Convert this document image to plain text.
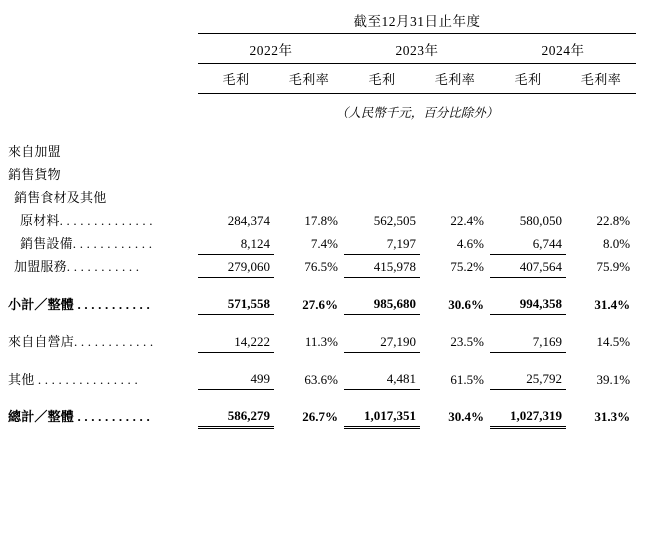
	截至12月31日止年度					

	2022年		2023年		2024年	

	毛利	毛利率	毛利	毛利率	毛利	毛利率

	（人民幣千元，百分比除外）					

來自加盟						
銷售貨物						
銷售食材及其他						
原材料. . . . . . . . . . . . . .	284,374	17.8%	562,505	22.4%	580,050	22.8%
銷售設備. . . . . . . . . . . .	8,124	7.4%	7,197	4.6%	6,744	8.0%
加盟服務. . . . . . . . . . .	279,060	76.5%	415,978	75.2%	407,564	75.9%

小計／整體 . . . . . . . . . . .	571,558	27.6%	985,680	30.6%	994,358	31.4%

來自自營店. . . . . . . . . . . .	14,222	11.3%	27,190	23.5%	7,169	14.5%

其他 . . . . . . . . . . . . . . .	499	63.6%	4,481	61.5%	25,792	39.1%

總計／整體 . . . . . . . . . . .	586,279	26.7%	1,017,351	30.4%	1,027,319	31.3%
